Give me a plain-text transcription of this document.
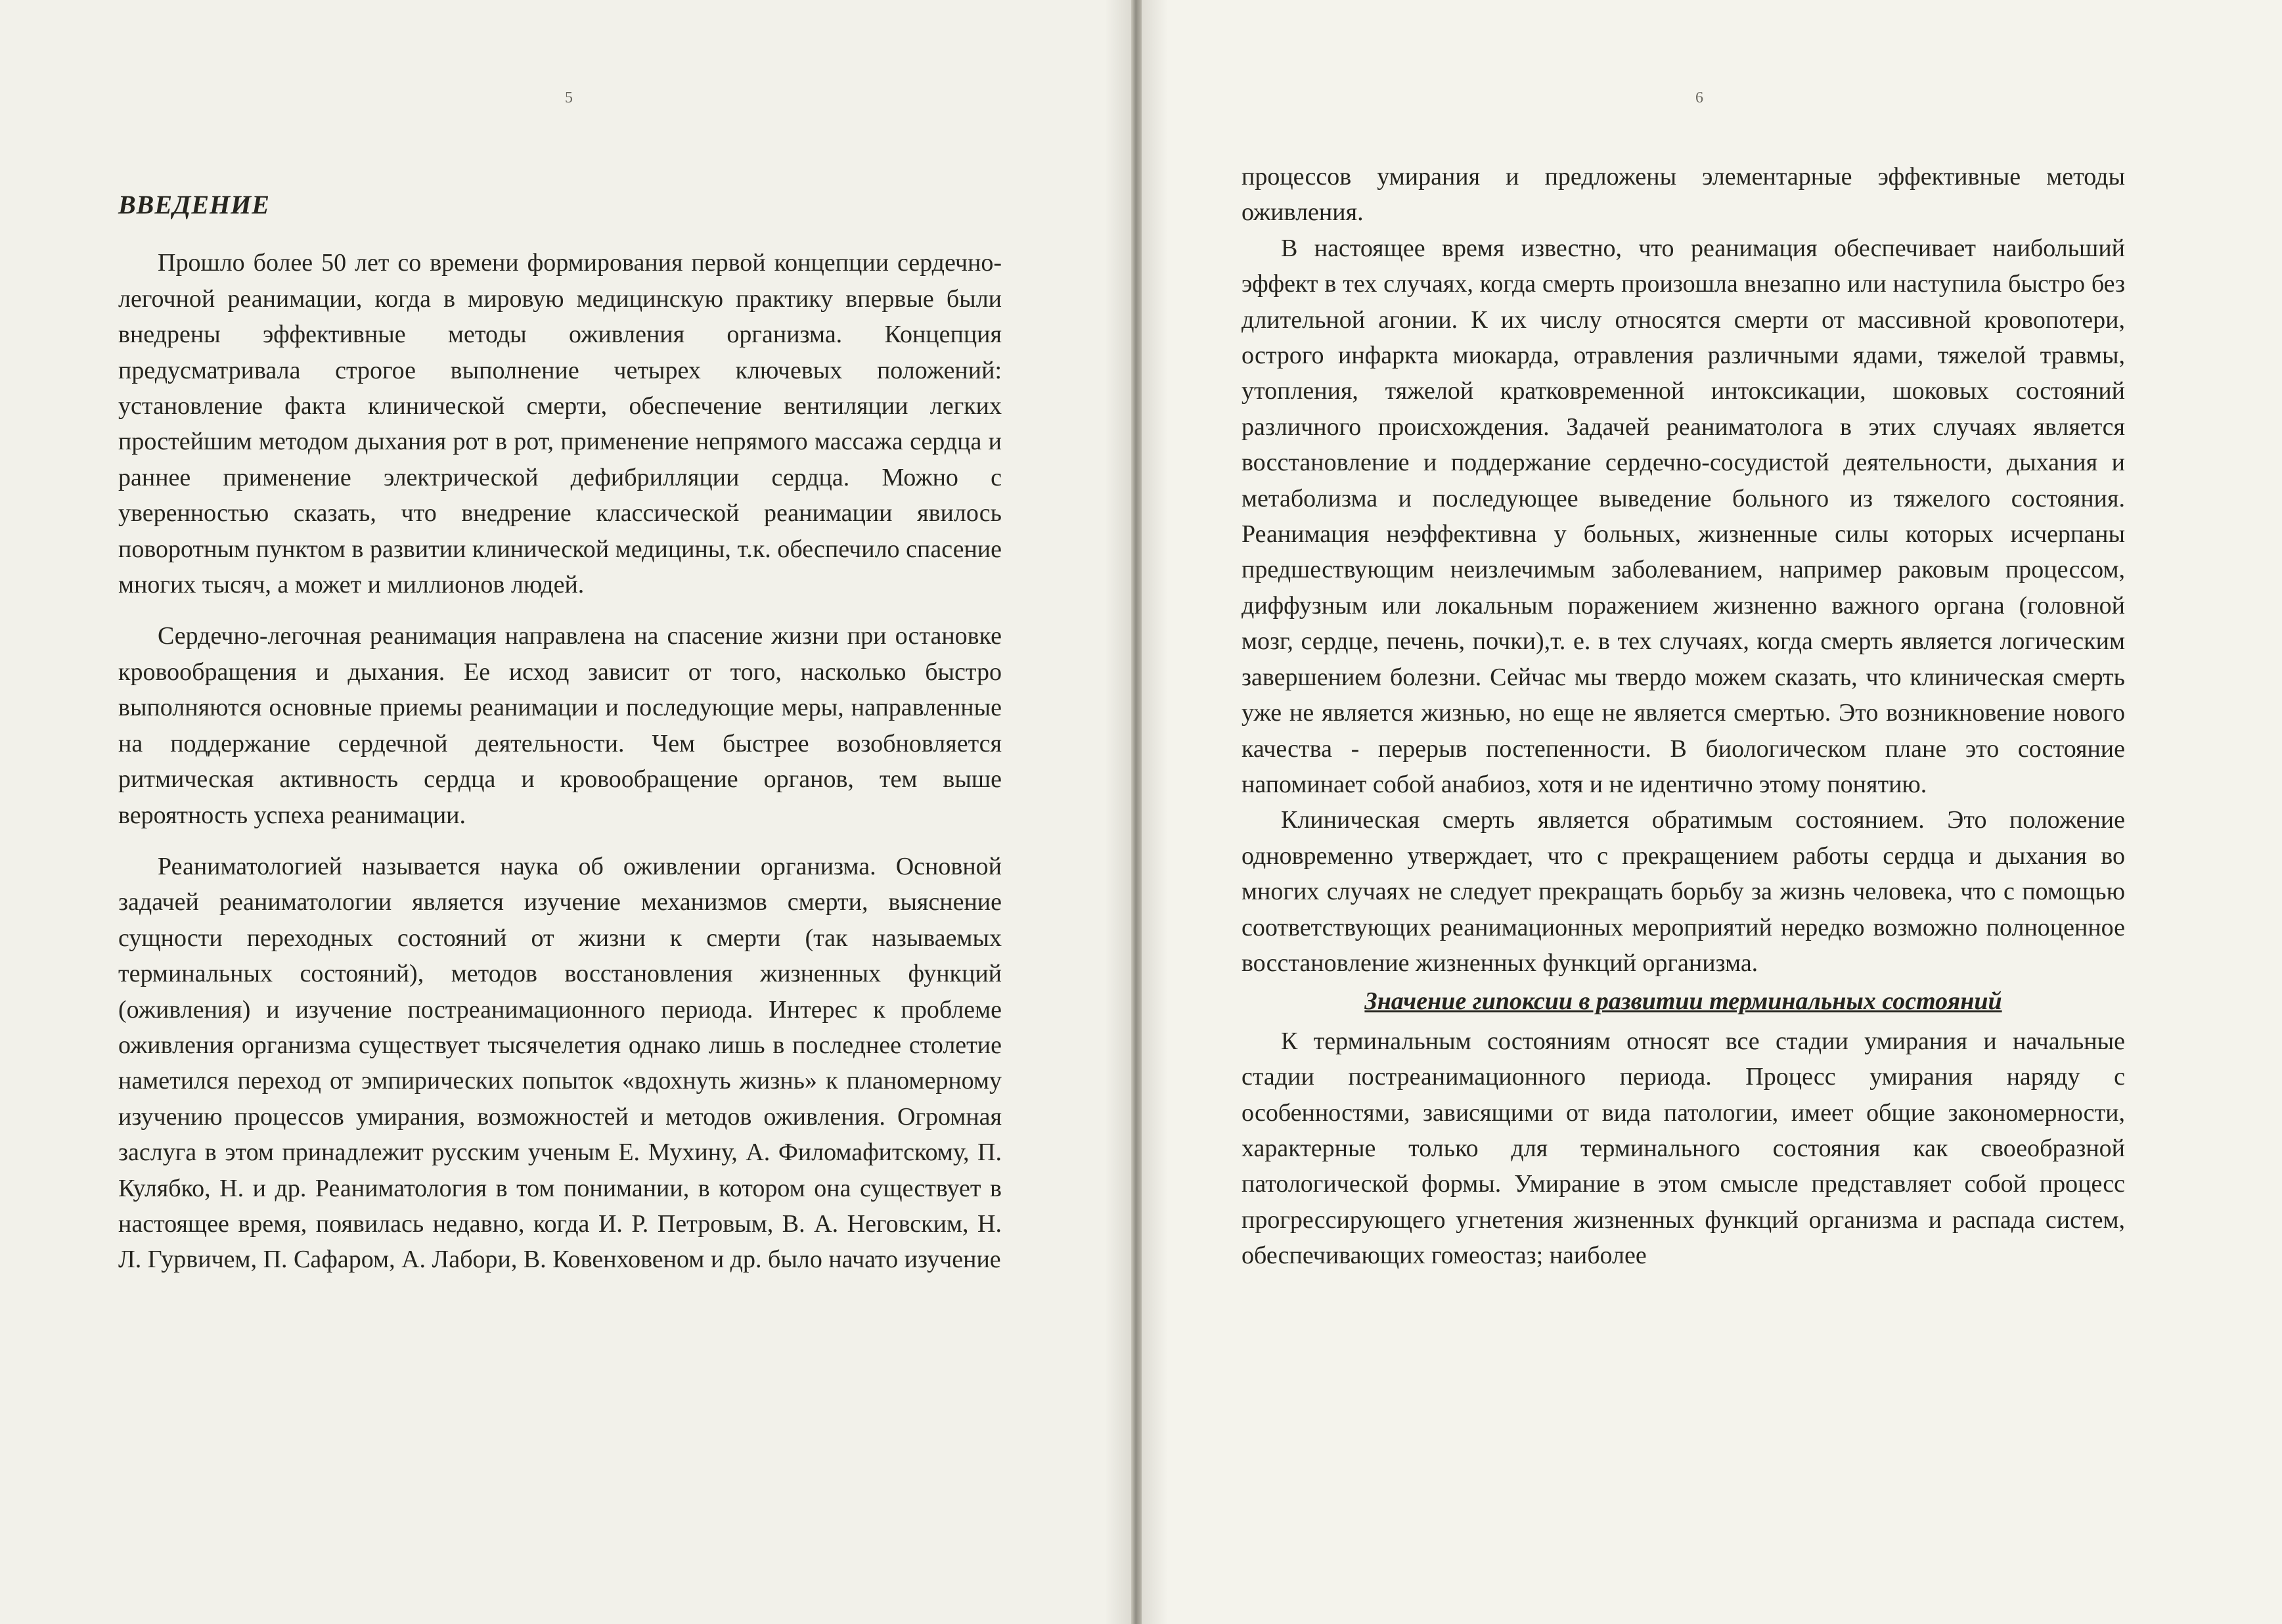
5
ВВЕДЕНИЕ

Прошло более 50 лет со времени формирования первой концепции сердечно-легочной реанимации, когда в мировую медицинскую практику впервые были внедрены эффективные методы оживления организма. Концепция предусматривала строгое выполнение четырех ключевых положений: установление факта клинической смерти, обеспечение вентиляции легких простейшим методом дыхания рот в рот, применение непрямого массажа сердца и раннее применение электрической дефибрилляции сердца. Можно с уверенностью сказать, что внедрение классической реанимации явилось поворотным пунктом в развитии клинической медицины, т.к. обеспечило спасение многих тысяч, а может и миллионов людей.

Сердечно-легочная реанимация направлена на спасение жизни при остановке кровообращения и дыхания. Ее исход зависит от того, насколько быстро выполняются основные приемы реанимации и последующие меры, направленные на поддержание сердечной деятельности. Чем быстрее возобновляется ритмическая активность сердца и кровообращение органов, тем выше вероятность успеха реанимации.

Реаниматологией называется наука об оживлении организма. Основной задачей реаниматологии является изучение механизмов смерти, выяснение сущности переходных состояний от жизни к смерти (так называемых терминальных состояний), методов восстановления жизненных функций (оживления) и изучение постреанимационного периода. Интерес к проблеме оживления организма существует тысячелетия однако лишь в последнее столетие наметился переход от эмпирических попыток «вдохнуть жизнь» к планомерному изучению процессов умирания, возможностей и методов оживления. Огромная заслуга в этом принадлежит русским ученым Е. Мухину, А. Филомафитскому, П. Кулябко, Н. и др. Реаниматология в том понимании, в котором она существует в настоящее время, появилась недавно, когда И. Р. Петровым, В. А. Неговским, Н. Л. Гурвичем, П. Сафаром, А. Лабори, В. Ковенховеном и др. было начато изучение

6

процессов умирания и предложены элементарные эффективные методы оживления.

В настоящее время известно, что реанимация обеспечивает наибольший эффект в тех случаях, когда смерть произошла внезапно или наступила быстро без длительной агонии. К их числу относятся смерти от массивной кровопотери, острого инфаркта миокарда, отравления различными ядами, тяжелой травмы, утопления, тяжелой кратковременной интоксикации, шоковых состояний различного происхождения. Задачей реаниматолога в этих случаях является восстановление и поддержание сердечно-сосудистой деятельности, дыхания и метаболизма и последующее выведение больного из тяжелого состояния. Реанимация неэффективна у больных, жизненные силы которых исчерпаны предшествующим неизлечимым заболеванием, например раковым процессом, диффузным или локальным поражением жизненно важного органа (головной мозг, сердце, печень, почки),т. е. в тех случаях, когда смерть является логическим завершением болезни. Сейчас мы твердо можем сказать, что клиническая смерть уже не является жизнью, но еще не является смертью. Это возникновение нового качества - перерыв постепенности. В биологическом плане это состояние напоминает собой анабиоз, хотя и не идентично этому понятию.

Клиническая смерть является обратимым состоянием. Это положение одновременно утверждает, что с прекращением работы сердца и дыхания во многих случаях не следует прекращать борьбу за жизнь человека, что с помощью соответствующих реанимационных мероприятий нередко возможно полноценное восстановление жизненных функций организма.

Значение гипоксии в развитии терминальных состояний

К терминальным состояниям относят все стадии умирания и начальные стадии постреанимационного периода. Процесс умирания наряду с особенностями, зависящими от вида патологии, имеет общие закономерности, характерные только для терминального состояния как своеобразной патологической формы. Умирание в этом смысле представляет собой процесс прогрессирующего угнетения жизненных функций организма и распада систем, обеспечивающих гомеостаз; наиболее
